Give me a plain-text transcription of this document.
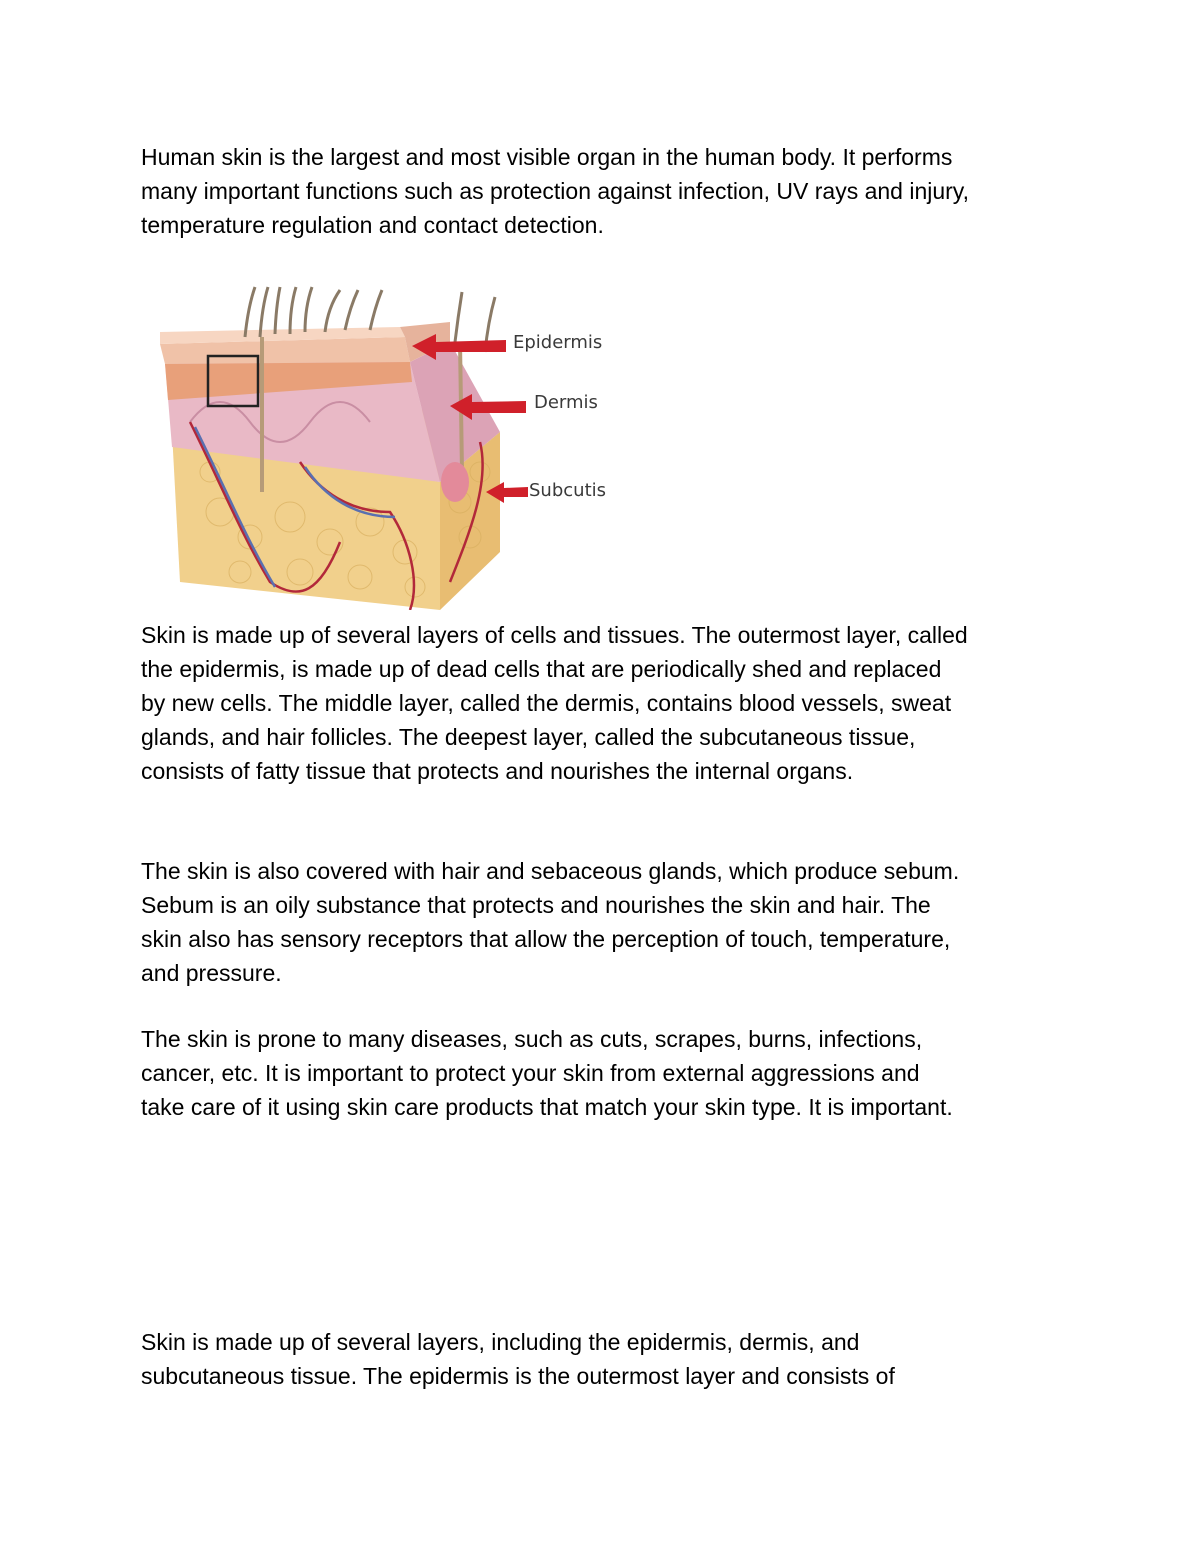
Human skin is the largest and most visible organ in the human body. It performs
many important functions such as protection against infection, UV rays and injury,
temperature regulation and contact detection.

Epidermis
Dermis
Subcutis

Skin is made up of several layers of cells and tissues. The outermost layer, called
the epidermis, is made up of dead cells that are periodically shed and replaced
by new cells. The middle layer, called the dermis, contains blood vessels, sweat
glands, and hair follicles. The deepest layer, called the subcutaneous tissue,
consists of fatty tissue that protects and nourishes the internal organs.

The skin is also covered with hair and sebaceous glands, which produce sebum.
Sebum is an oily substance that protects and nourishes the skin and hair. The
skin also has sensory receptors that allow the perception of touch, temperature,
and pressure.

The skin is prone to many diseases, such as cuts, scrapes, burns, infections,
cancer, etc. It is important to protect your skin from external aggressions and
take care of it using skin care products that match your skin type. It is important.

Skin is made up of several layers, including the epidermis, dermis, and
subcutaneous tissue. The epidermis is the outermost layer and consists of
